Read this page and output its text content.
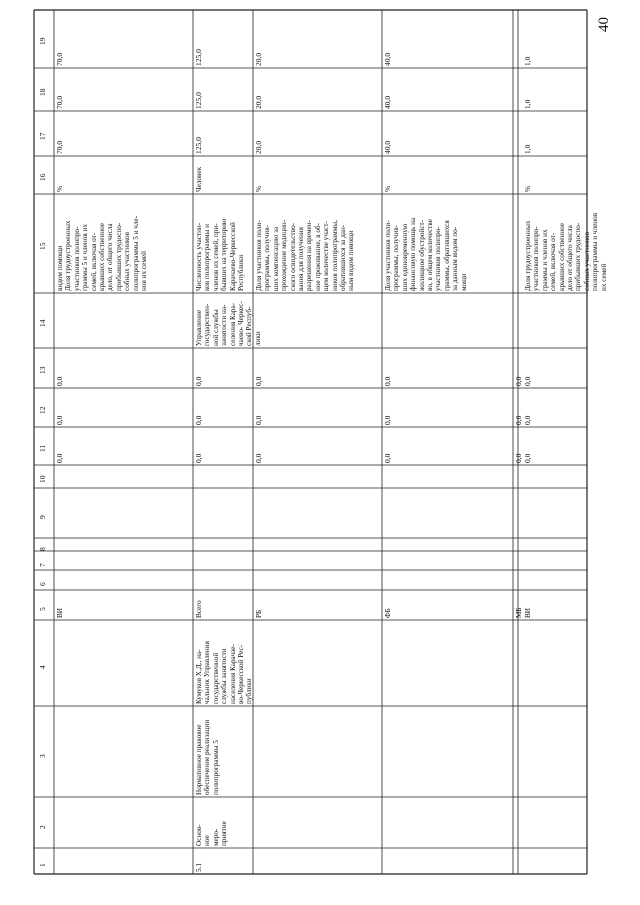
40
1
2
3
4
5
6
7
8
9
10
11
12
13
14
15
16
17
18
19
ВИ
0,0
0,0
0,0
видом помощи
Доля трудоустроенных
участников полипро-
граммы 5 и членов их
семей, включая от-
крывших собственное
дело, от общего числа
прибывших трудоспо-
собных участников
полипрограммы 5 и чле-
нов их семей
%
70,0
70,0
70,0
5.1
Основ-
ное
меро-
приятие
Нормативное правовое
обеспечение реализации
полипрограммы 5
Кумуков Х.Д., на-
чальник Управления
государственной
службы занятости
населения Карачае-
во-Черкесской Рес-
публики
Всего
0,0
0,0
0,0
Управление
государствен-
ной службы
занятости на-
селения Кара-
чаево- Черкес-
ской Респуб-
лики
Численность участни-
ков полипрограммы и
членов их семей, при-
бывших на территорию
Карачаево-Черкесской
Республики
Человек
125,0
125,0
125,0
РБ
0,0
0,0
0,0
Доля участников поли-
программы, получив-
ших компенсацию за
прохождение медицин-
ского освидетельство-
вания для получения
разрешения на времен-
ное проживание, в об-
щем количестве участ-
ников полипрограммы,
обратившихся за дан-
ным видом помощи
%
20,0
20,0
20,0
ФБ
0,0
0,0
0,0
Доля участников поли-
программы, получив-
ших единовременную
финансовую помощь на
жилищное обустройст-
во, в общем количестве
участников полипро-
граммы, обратившихся
за данным видом по-
мощи
%
40,0
40,0
40,0
МБ
0,0
0,0
0,0
ВИ
0,0
0,0
0,0
Доля трудоустроенных
участников полипро-
граммы и членов их
семей, включая от-
крывших собственное
дело от общего числа
прибывших трудоспо-
собных участников
полипрограммы и членов
их семей
%
1,0
1,0
1,0
